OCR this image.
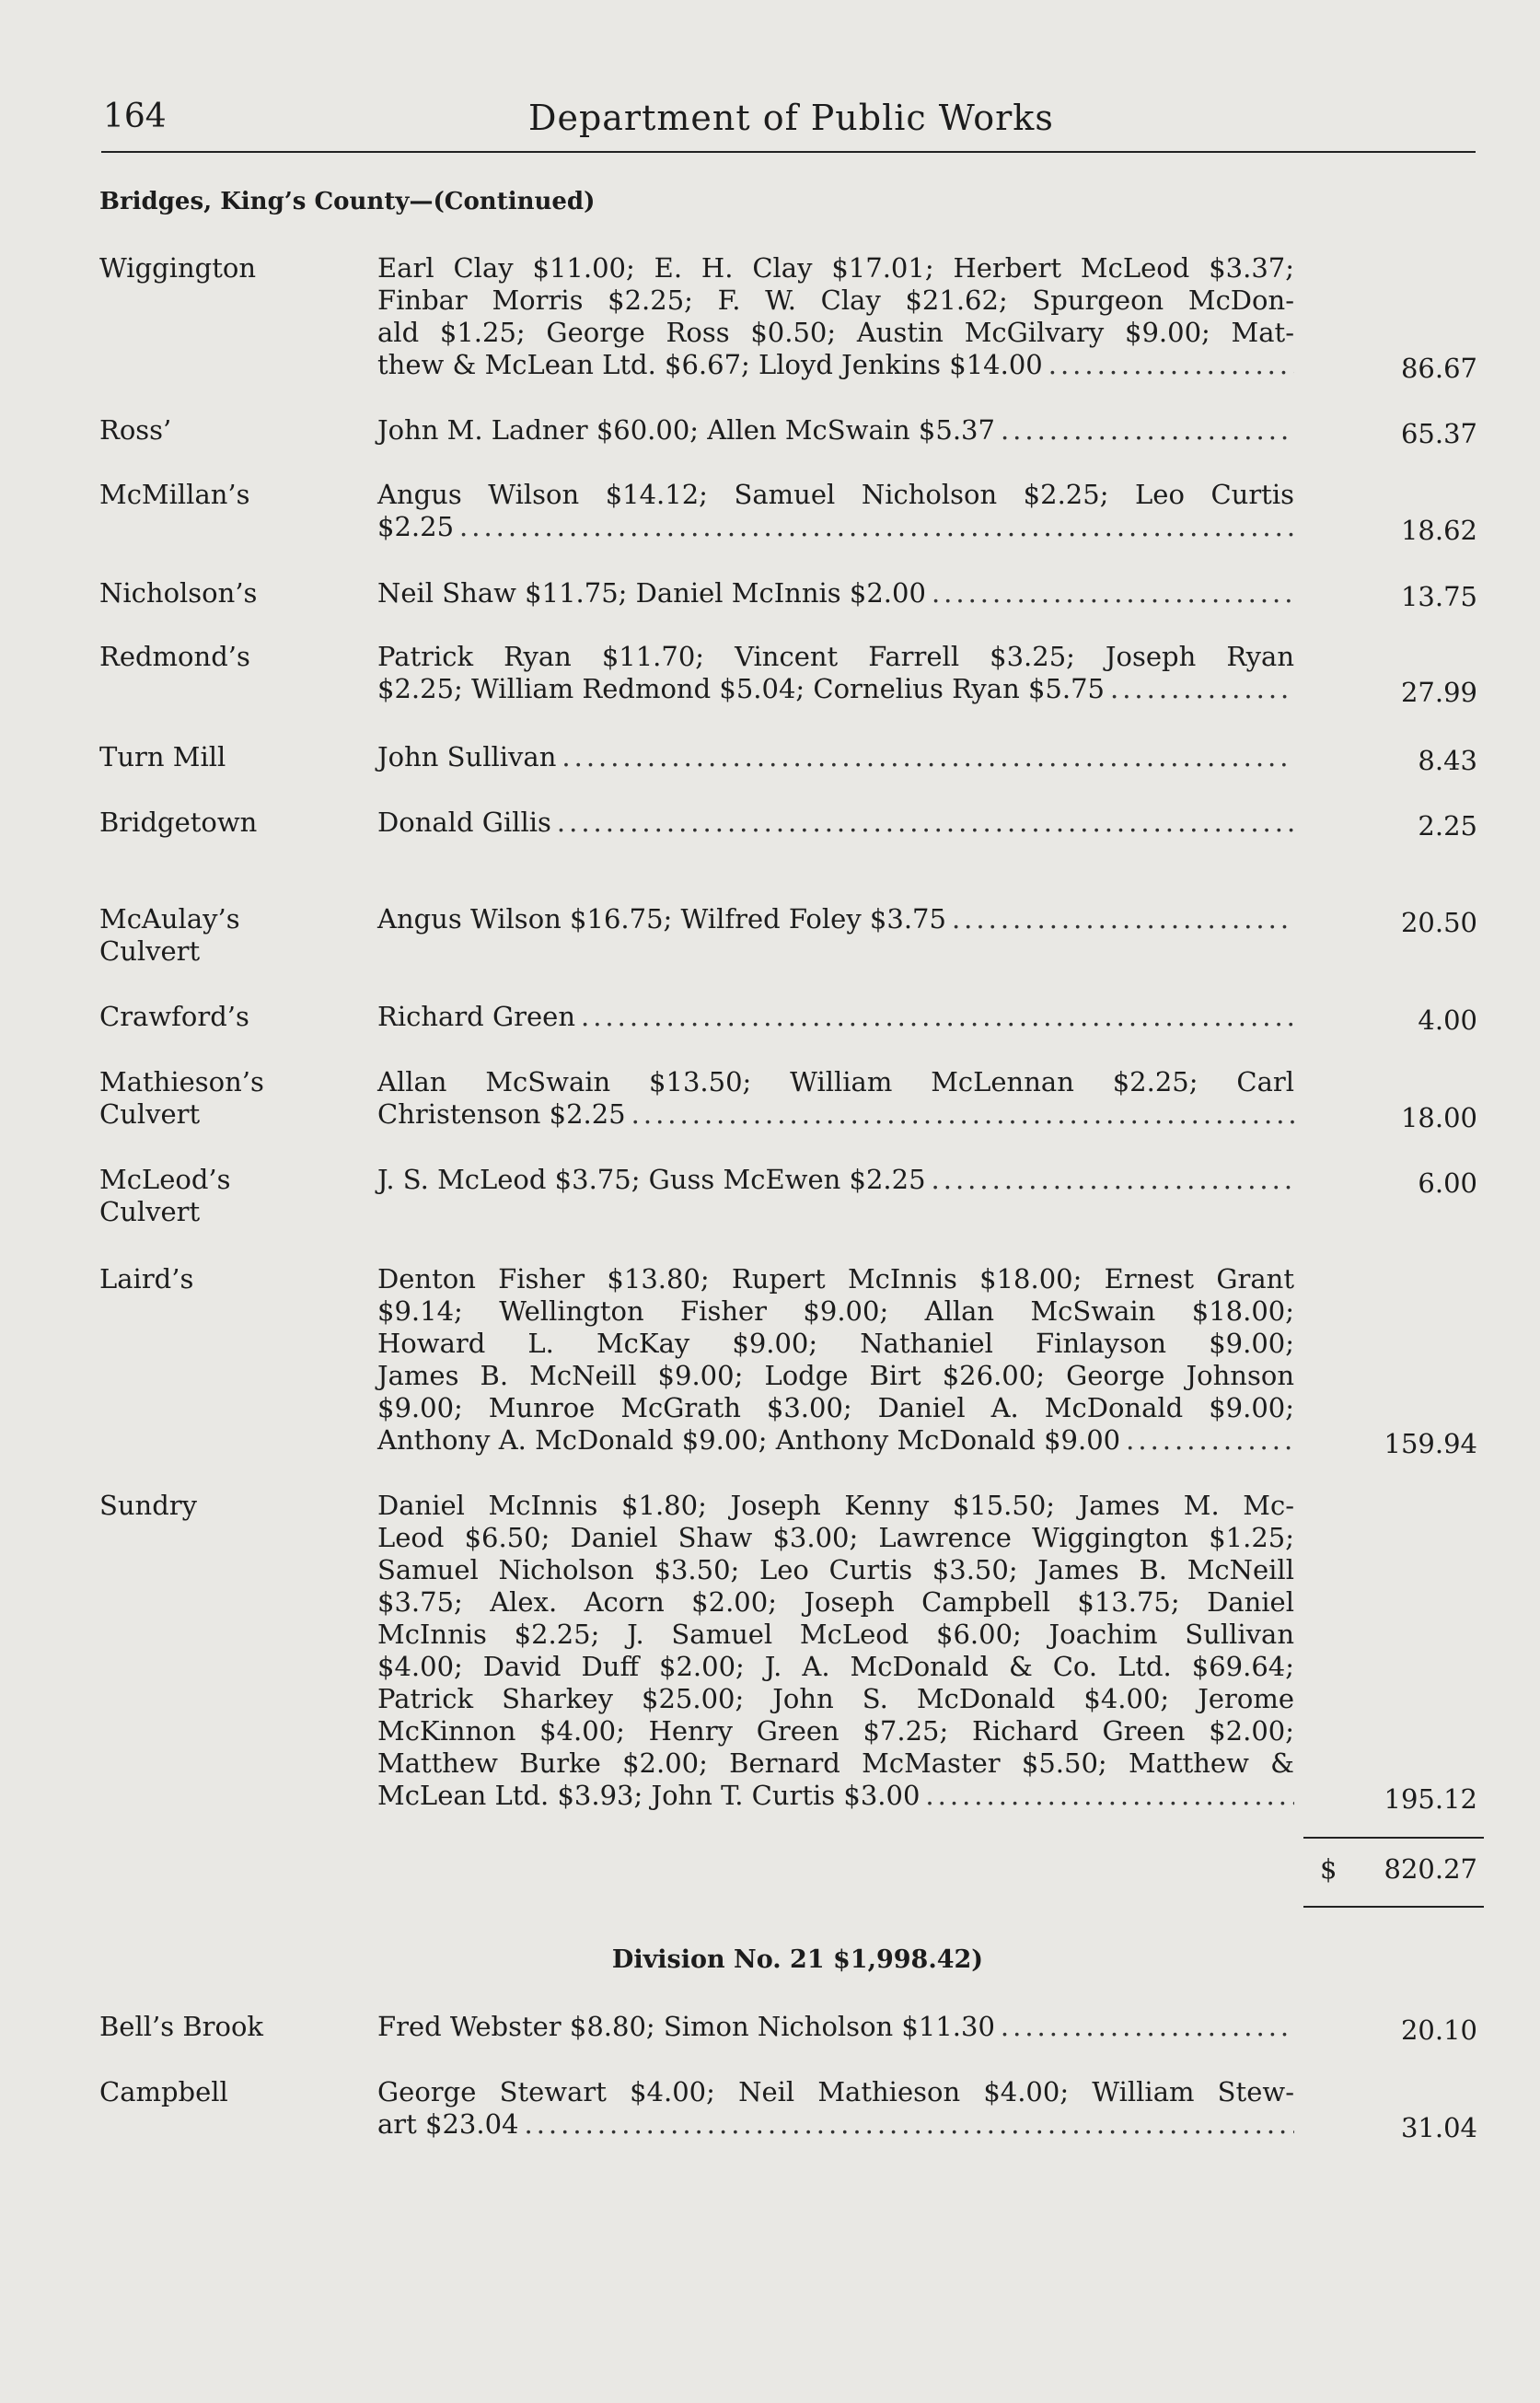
164	Department of Public Works
Bridges, King’s County—(Continued)
Wiggington	Earl Clay $11.00; E. H. Clay $17.01; Herbert McLeod $3.37;
Finbar Morris $2.25; F. W. Clay $21.62; Spurgeon McDon-
ald $1.25; George Ross $0.50; Austin McGilvary $9.00; Mat-
thew & McLean Ltd. $6.67; Lloyd Jenkins $14.00 .....	86.67
Ross’	John M. Ladner $60.00; Allen McSwain $5.37 .....	65.37
McMillan’s	Angus Wilson $14.12; Samuel Nicholson $2.25; Leo Curtis
$2.25 .....	18.62
Nicholson’s	Neil Shaw $11.75; Daniel McInnis $2.00 .....	13.75
Redmond’s	Patrick Ryan $11.70; Vincent Farrell $3.25; Joseph Ryan
$2.25; William Redmond $5.04; Cornelius Ryan $5.75 .....	27.99
Turn Mill	John Sullivan .....	8.43
Bridgetown	Donald Gillis .....	2.25
McAulay’s
Culvert
Angus Wilson $16.75; Wilfred Foley $3.75 .....	20.50
Crawford’s	Richard Green .....	4.00
Mathieson’s
Culvert
Allan McSwain $13.50; William McLennan $2.25; Carl
Christenson $2.25 .....	18.00
McLeod’s
Culvert
J. S. McLeod $3.75; Guss McEwen $2.25 .....	6.00
Laird’s	Denton Fisher $13.80; Rupert McInnis $18.00; Ernest Grant
$9.14; Wellington Fisher $9.00; Allan McSwain $18.00;
Howard L. McKay $9.00; Nathaniel Finlayson $9.00;
James B. McNeill $9.00; Lodge Birt $26.00; George Johnson
$9.00; Munroe McGrath $3.00; Daniel A. McDonald $9.00;
Anthony A. McDonald $9.00; Anthony McDonald $9.00 .....	159.94
Sundry	Daniel McInnis $1.80; Joseph Kenny $15.50; James M. Mc-
Leod $6.50; Daniel Shaw $3.00; Lawrence Wiggington $1.25;
Samuel Nicholson $3.50; Leo Curtis $3.50; James B. McNeill
$3.75; Alex. Acorn $2.00; Joseph Campbell $13.75; Daniel
McInnis $2.25; J. Samuel McLeod $6.00; Joachim Sullivan
$4.00; David Duff $2.00; J. A. McDonald & Co. Ltd. $69.64;
Patrick Sharkey $25.00; John S. McDonald $4.00; Jerome
McKinnon $4.00; Henry Green $7.25; Richard Green $2.00;
Matthew Burke $2.00; Bernard McMaster $5.50; Matthew &
McLean Ltd. $3.93; John T. Curtis $3.00 .....	195.12
$	820.27
Division No. 21 $1,998.42)
Bell’s Brook	Fred Webster $8.80; Simon Nicholson $11.30 .....	20.10
Campbell	George Stewart $4.00; Neil Mathieson $4.00; William Stew-
art $23.04 .....	31.04
